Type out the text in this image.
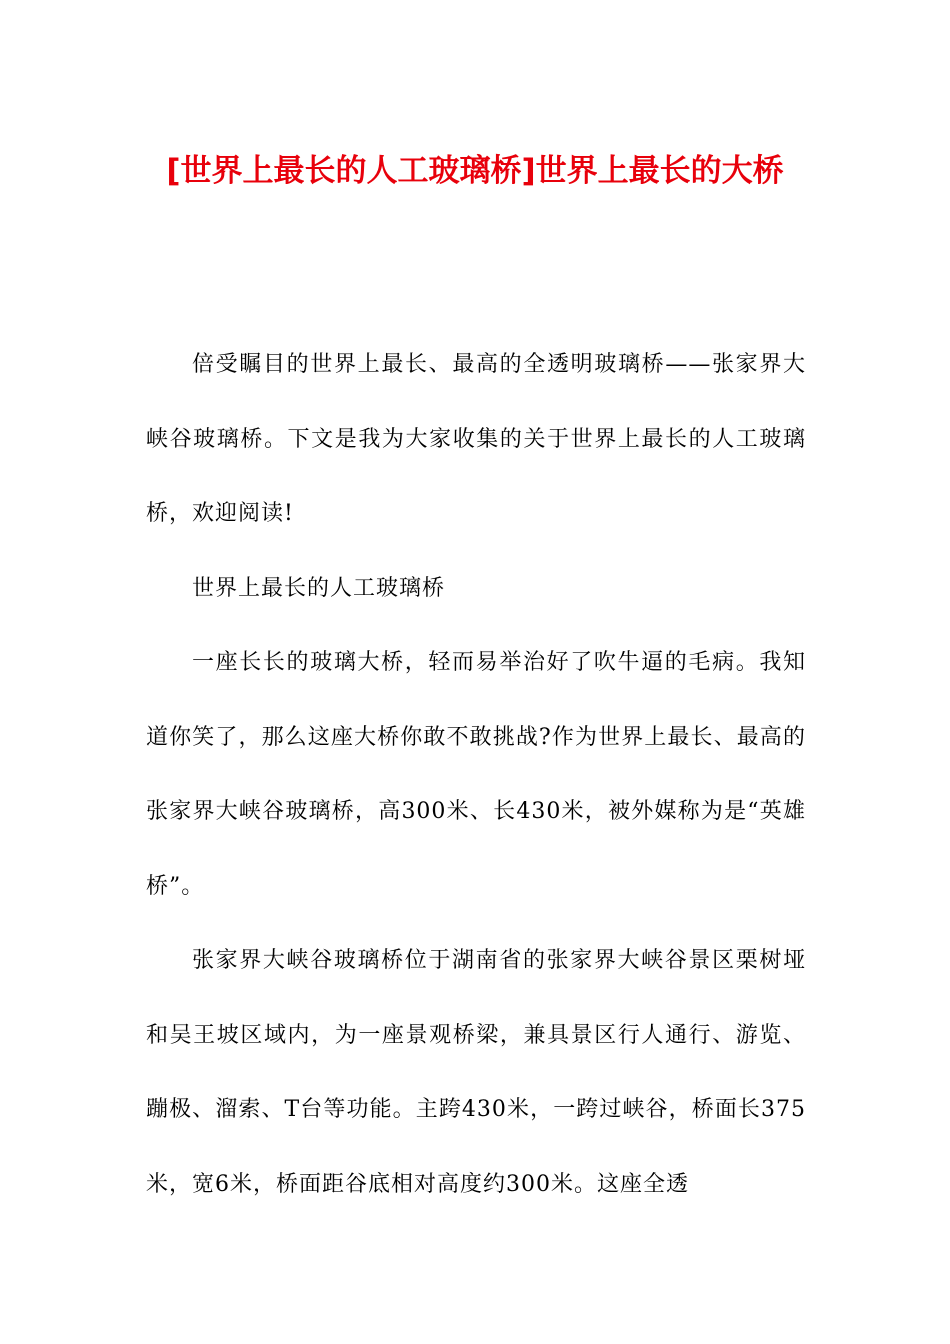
[世界上最长的人工玻璃桥]世界上最长的大桥

倍受瞩目的世界上最长、最高的全透明玻璃桥——张家界大峡谷玻璃桥。下文是我为大家收集的关于世界上最长的人工玻璃桥，欢迎阅读!

世界上最长的人工玻璃桥

一座长长的玻璃大桥，轻而易举治好了吹牛逼的毛病。我知道你笑了，那么这座大桥你敢不敢挑战?作为世界上最长、最高的张家界大峡谷玻璃桥，高300米、长430米，被外媒称为是“英雄桥”。

张家界大峡谷玻璃桥位于湖南省的张家界大峡谷景区栗树垭和吴王坡区域内，为一座景观桥梁，兼具景区行人通行、游览、蹦极、溜索、T台等功能。主跨430米，一跨过峡谷，桥面长375米，宽6米，桥面距谷底相对高度约300米。这座全透
